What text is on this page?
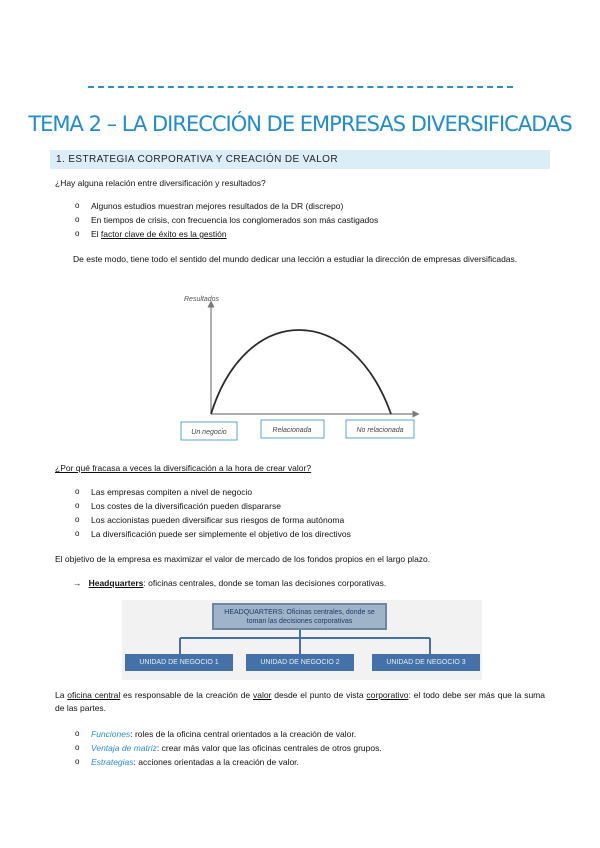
TEMA 2 – LA DIRECCIÓN DE EMPRESAS DIVERSIFICADAS
1. ESTRATEGIA CORPORATIVA Y CREACIÓN DE VALOR
¿Hay alguna relación entre diversificación y resultados?
o Algunos estudios muestran mejores resultados de la DR (discrepo)
o En tiempos de crisis, con frecuencia los conglomerados son más castigados
o El factor clave de éxito es la gestión
De este modo, tiene todo el sentido del mundo dedicar una lección a estudiar la dirección de empresas diversificadas.
Resultados
Un negocio	Relacionada	No relacionada
¿Por qué fracasa a veces la diversificación a la hora de crear valor?
o Las empresas compiten a nivel de negocio
o Los costes de la diversificación pueden dispararse
o Los accionistas pueden diversificar sus riesgos de forma autónoma
o La diversificación puede ser simplemente el objetivo de los directivos
El objetivo de la empresa es maximizar el valor de mercado de los fondos propios en el largo plazo.
→ Headquarters: oficinas centrales, donde se toman las decisiones corporativas.
HEADQUARTERS: Oficinas centrales, donde se toman las decisiones corporativas
UNIDAD DE NEGOCIO 1	UNIDAD DE NEGOCIO 2	UNIDAD DE NEGOCIO 3
La oficina central es responsable de la creación de valor desde el punto de vista corporativo: el todo debe ser más que la suma de las partes.
o Funciones: roles de la oficina central orientados a la creación de valor.
o Ventaja de matriz: crear más valor que las oficinas centrales de otros grupos.
o Estrategias: acciones orientadas a la creación de valor.
